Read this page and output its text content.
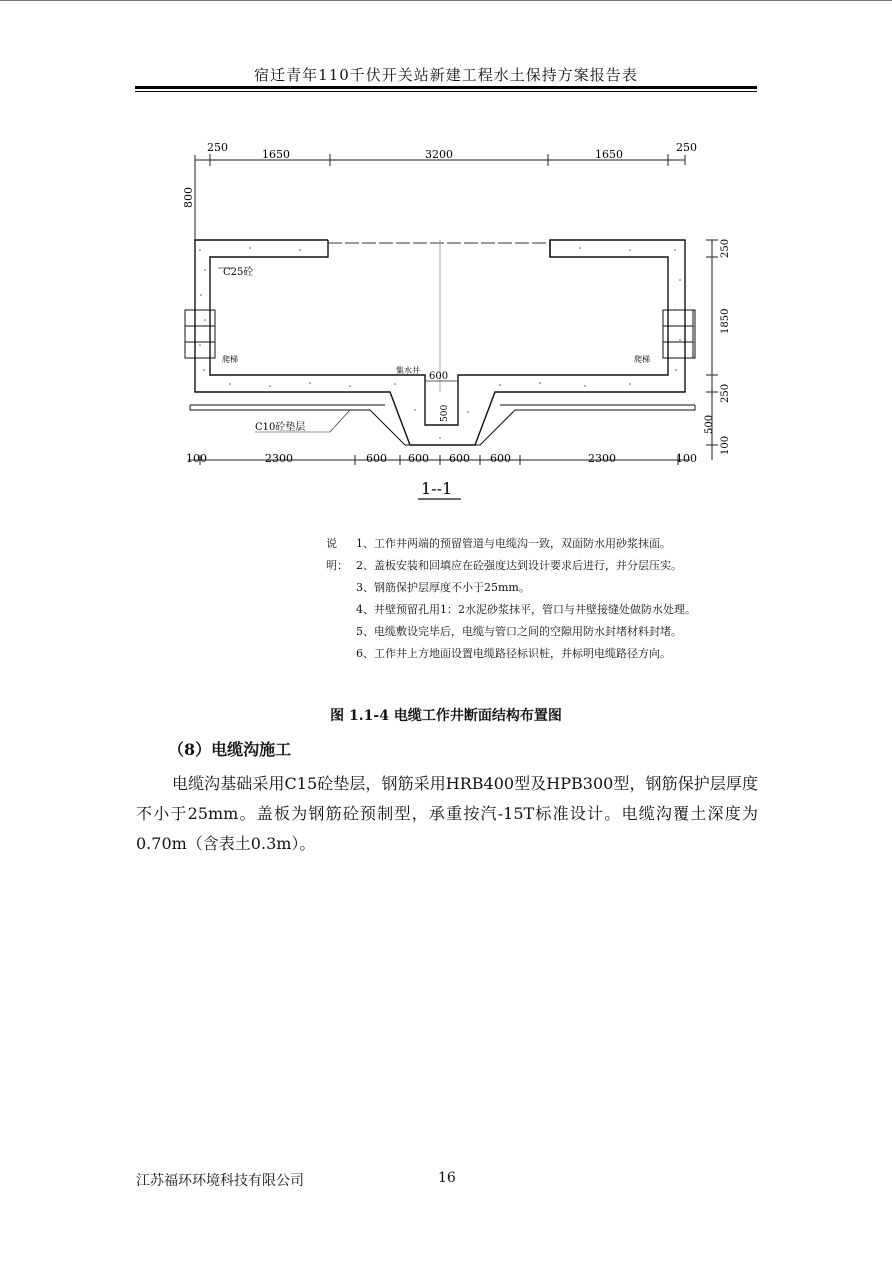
宿迁青年110千伏开关站新建工程水土保持方案报告表
250
1650	3200	1650
250
800
250
1850
250
500
100
100	2300	600 600 600 600	2300	100
600
500
C25砼
C10砼垫层
爬梯	爬梯
集水井
1--1
说明：
1、工作井两端的预留管道与电缆沟一致，双面防水用砂浆抹面。
2、盖板安装和回填应在砼强度达到设计要求后进行，并分层压实。
3、钢筋保护层厚度不小于25mm。
4、井壁预留孔用1：2水泥砂浆抹平，管口与井壁接缝处做防水处理。
5、电缆敷设完毕后，电缆与管口之间的空隙用防水封堵材料封堵。
6、工作井上方地面设置电缆路径标识桩，并标明电缆路径方向。
图 1.1-4 电缆工作井断面结构布置图
（8）电缆沟施工
电缆沟基础采用C15砼垫层，钢筋采用HRB400型及HPB300型，钢筋保护层厚度不小于25mm。盖板为钢筋砼预制型，承重按汽-15T标准设计。电缆沟覆土深度为0.70m（含表土0.3m）。
江苏福环环境科技有限公司	16
